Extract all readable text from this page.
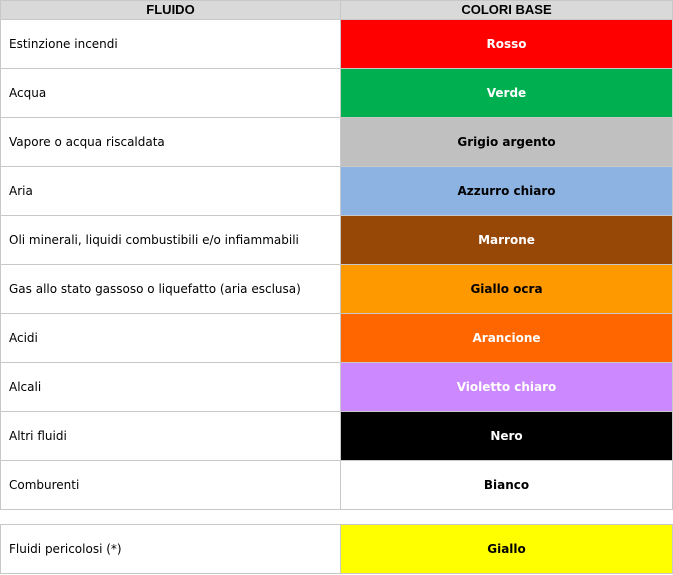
FLUIDO	COLORI BASE
Estinzione incendi	Rosso
Acqua	Verde
Vapore o acqua riscaldata	Grigio argento
Aria	Azzurro chiaro
Oli minerali, liquidi combustibili e/o infiammabili	Marrone
Gas allo stato gassoso o liquefatto (aria esclusa)	Giallo ocra
Acidi	Arancione
Alcali	Violetto chiaro
Altri fluidi	Nero
Comburenti	Bianco
Fluidi pericolosi (*)	Giallo
